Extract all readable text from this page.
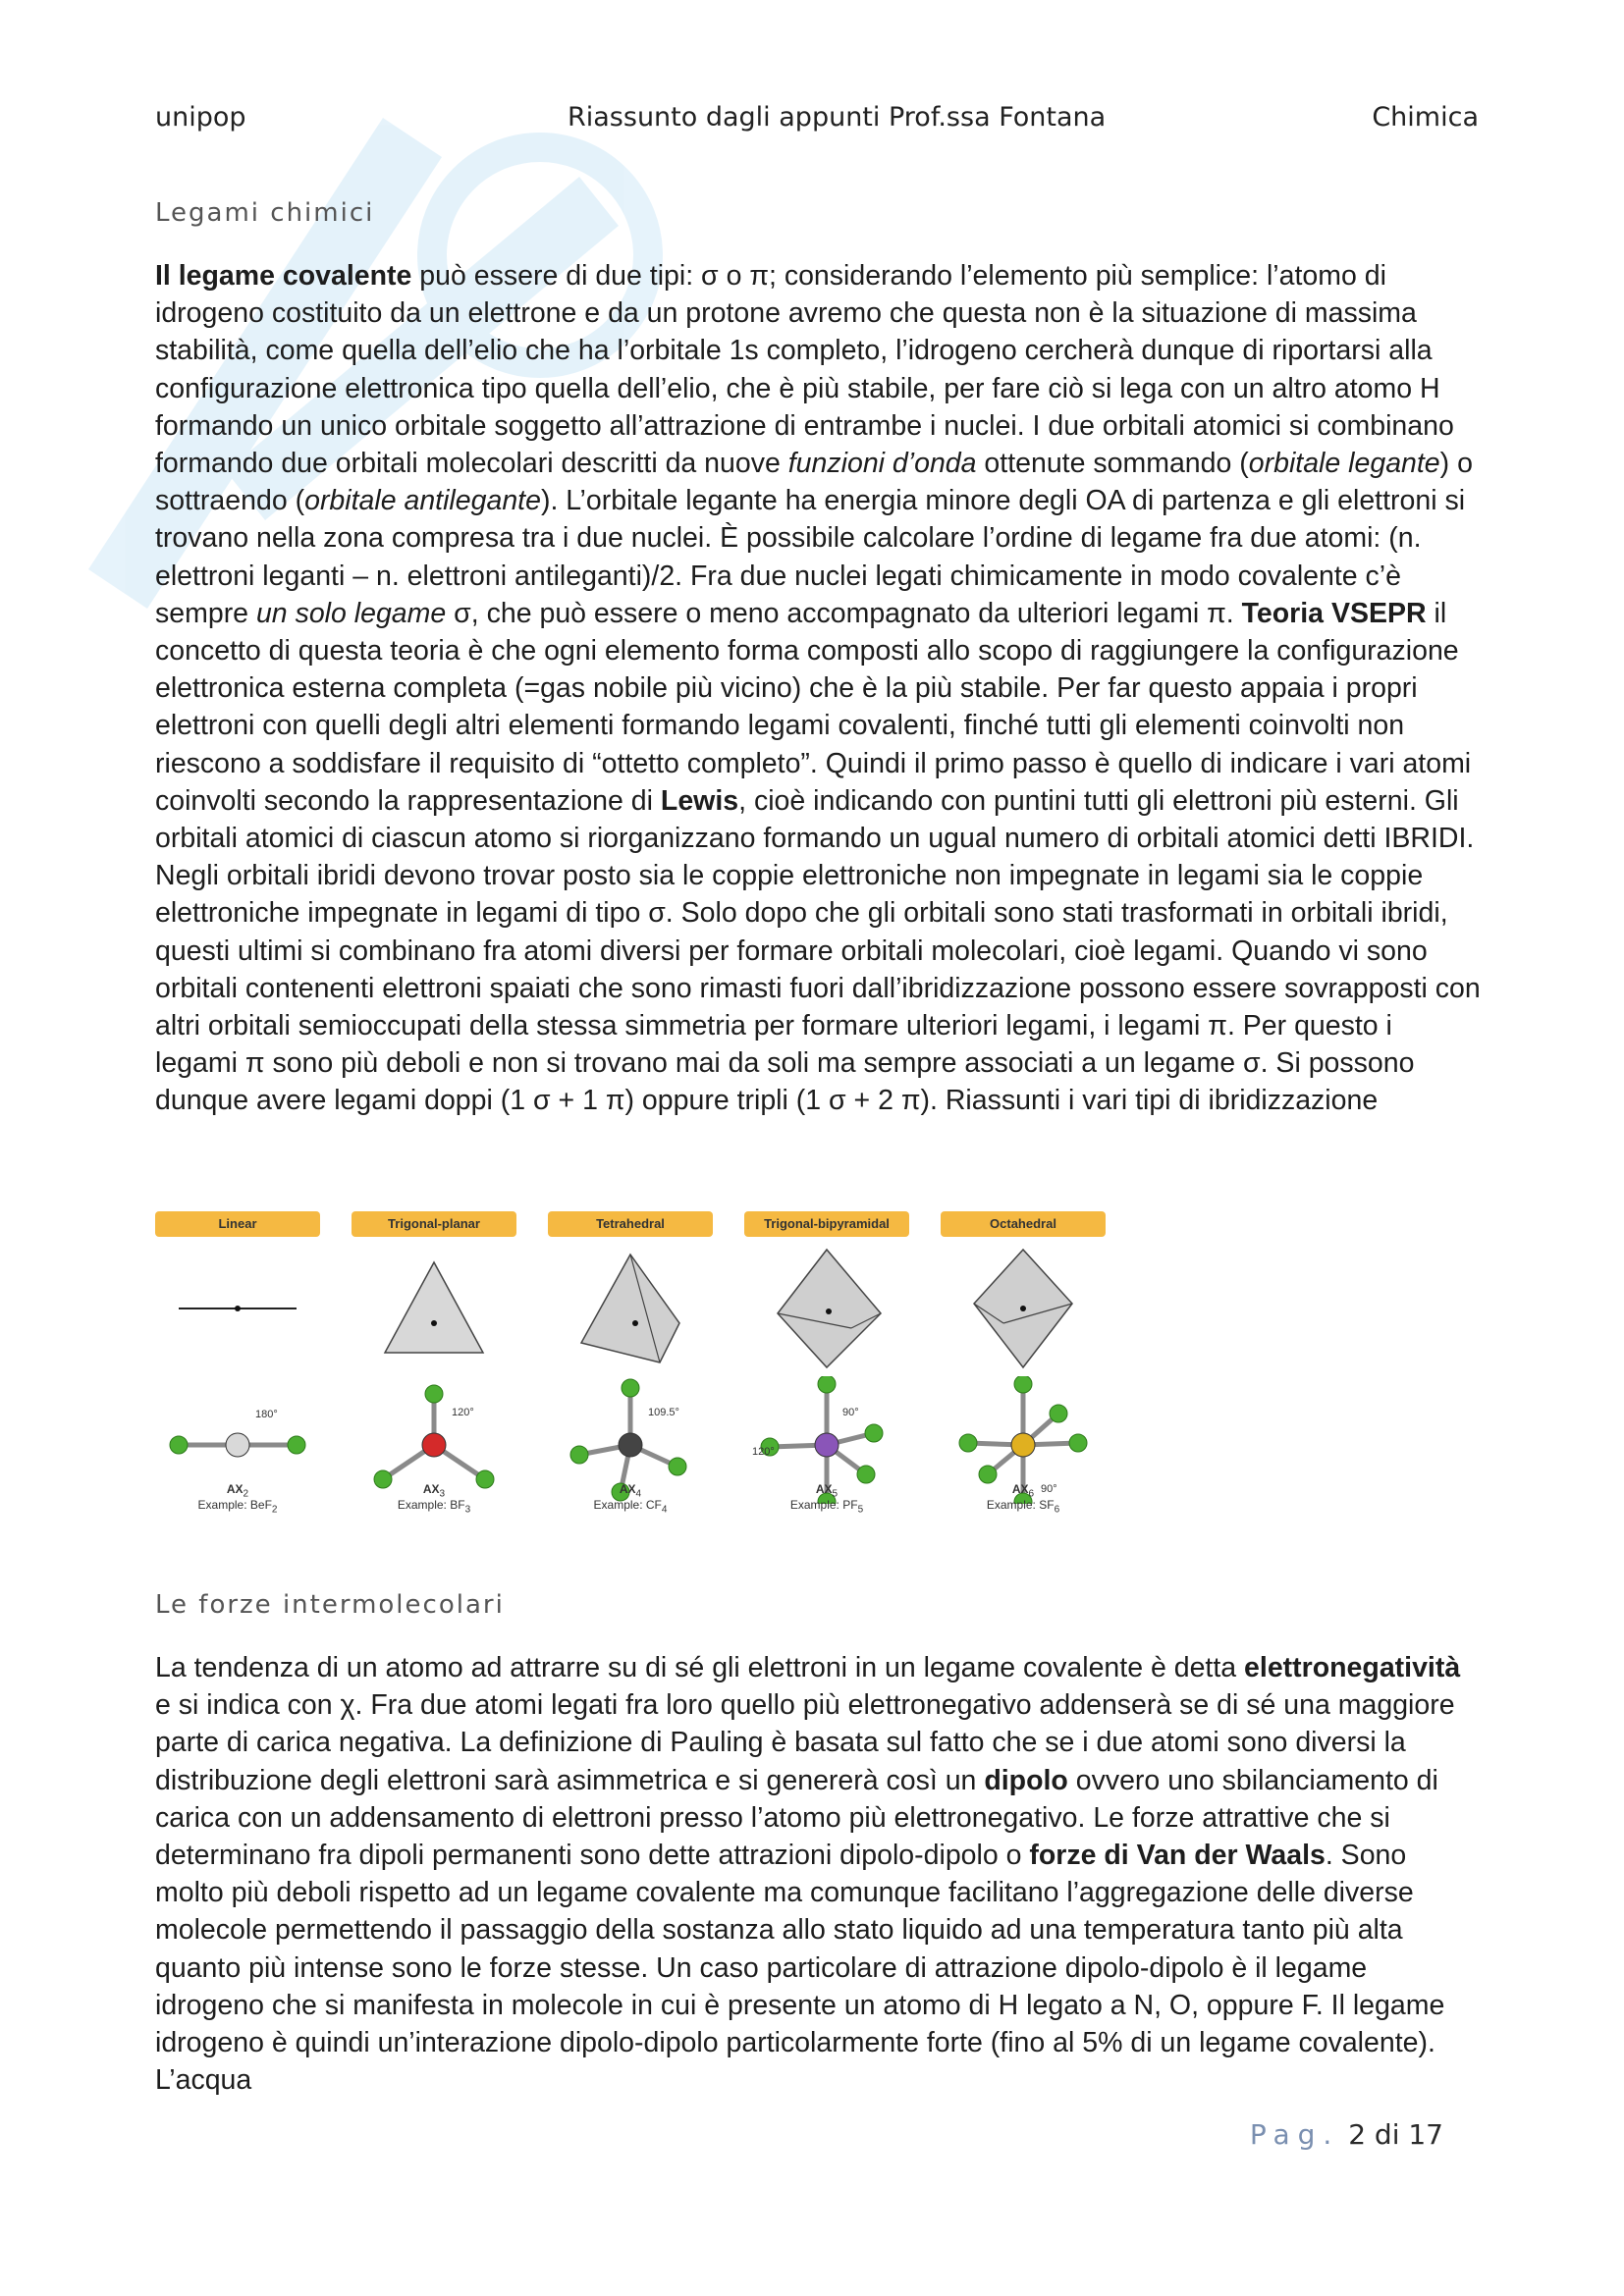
unipop	Riassunto dagli appunti Prof.ssa Fontana	Chimica
Legami chimici

Il legame covalente può essere di due tipi: σ o π; considerando l’elemento più semplice: l’atomo di idrogeno costituito da un elettrone e da un protone avremo che questa non è la situazione di massima stabilità, come quella dell’elio che ha l’orbitale 1s completo, l’idrogeno cercherà dunque di riportarsi alla configurazione elettronica tipo quella dell’elio, che è più stabile, per fare ciò si lega con un altro atomo H formando un unico orbitale soggetto all’attrazione di entrambe i nuclei. I due orbitali atomici si combinano formando due orbitali molecolari descritti da nuove funzioni d’onda ottenute sommando (orbitale legante) o sottraendo (orbitale antilegante). L’orbitale legante ha energia minore degli OA di partenza e gli elettroni si trovano nella zona compresa tra i due nuclei. È possibile calcolare l’ordine di legame fra due atomi: (n. elettroni leganti – n. elettroni antileganti)/2. Fra due nuclei legati chimicamente in modo covalente c’è sempre un solo legame σ, che può essere o meno accompagnato da ulteriori legami π. Teoria VSEPR il concetto di questa teoria è che ogni elemento forma composti allo scopo di raggiungere la configurazione elettronica esterna completa (=gas nobile più vicino) che è la più stabile. Per far questo appaia i propri elettroni con quelli degli altri elementi formando legami covalenti, finché tutti gli elementi coinvolti non riescono a soddisfare il requisito di “ottetto completo”. Quindi il primo passo è quello di indicare i vari atomi coinvolti secondo la rappresentazione di Lewis, cioè indicando con puntini tutti gli elettroni più esterni. Gli orbitali atomici di ciascun atomo si riorganizzano formando un ugual numero di orbitali atomici detti IBRIDI. Negli orbitali ibridi devono trovar posto sia le coppie elettroniche non impegnate in legami sia le coppie elettroniche impegnate in legami di tipo σ. Solo dopo che gli orbitali sono stati trasformati in orbitali ibridi, questi ultimi si combinano fra atomi diversi per formare orbitali molecolari, cioè legami. Quando vi sono orbitali contenenti elettroni spaiati che sono rimasti fuori dall’ibridizzazione possono essere sovrapposti con altri orbitali semioccupati della stessa simmetria per formare ulteriori legami, i legami π. Per questo i legami π sono più deboli e non si trovano mai da soli ma sempre associati a un legame σ. Si possono dunque avere legami doppi (1 σ + 1 π) oppure tripli (1 σ + 2 π). Riassunti i vari tipi di ibridizzazione

Linear
180°
$AX_2$
Example: BeF$_2$
Trigonal-planar
120°
$AX_3$
Example: $BF_3$
Tetrahedral
109.5°
$AX_4$
Example: $CF_4$
Trigonal-bipyramidal
90°
120°
$AX_5$
Example: $PF_5$
Octahedral
90°
$AX_6$
Example: $SF_6$
Le forze intermolecolari

La tendenza di un atomo ad attrarre su di sé gli elettroni in un legame covalente è detta elettronegatività e si indica con χ. Fra due atomi legati fra loro quello più elettronegativo addenserà se di sé una maggiore parte di carica negativa. La definizione di Pauling è basata sul fatto che se i due atomi sono diversi la distribuzione degli elettroni sarà asimmetrica e si genererà così un dipolo ovvero uno sbilanciamento di carica con un addensamento di elettroni presso l’atomo più elettronegativo. Le forze attrattive che si determinano fra dipoli permanenti sono dette attrazioni dipolo-dipolo o forze di Van der Waals. Sono molto più deboli rispetto ad un legame covalente ma comunque facilitano l’aggregazione delle diverse molecole permettendo il passaggio della sostanza allo stato liquido ad una temperatura tanto più alta quanto più intense sono le forze stesse. Un caso particolare di attrazione dipolo-dipolo è il legame idrogeno che si manifesta in molecole in cui è presente un atomo di H legato a N, O, oppure F. Il legame idrogeno è quindi un’interazione dipolo-dipolo particolarmente forte (fino al 5% di un legame covalente). L’acqua

Pag. 2 di 17
